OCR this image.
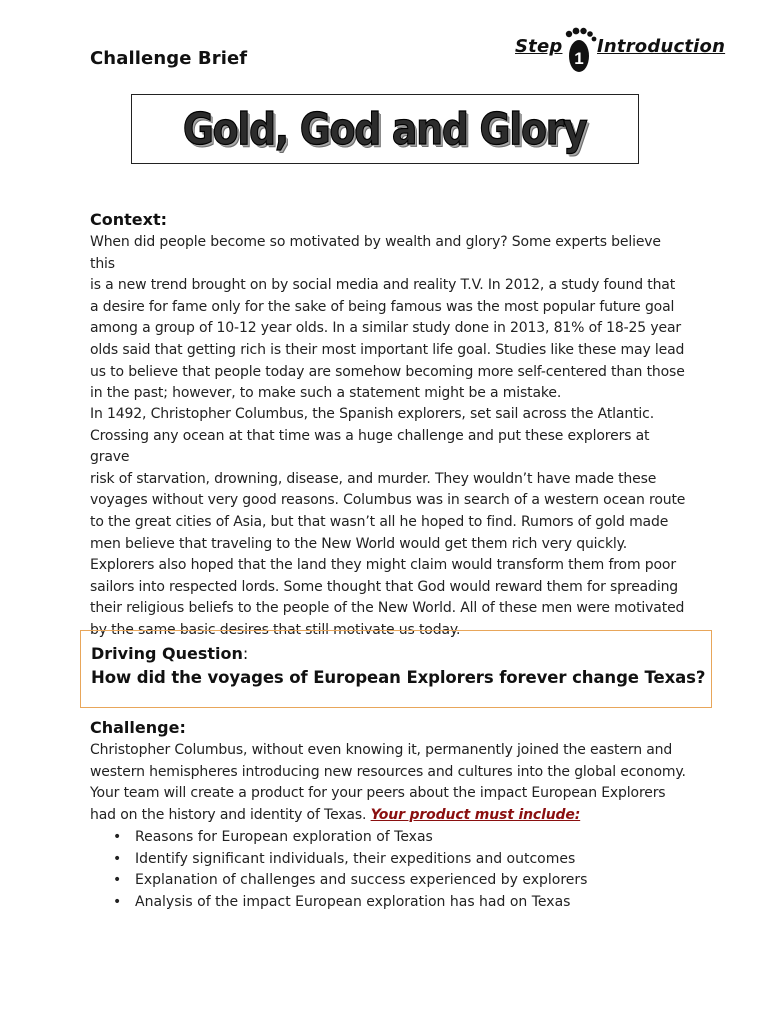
Challenge Brief
Step
1
Introduction
Gold, God and Glory
Context:
When did people become so motivated by wealth and glory? Some experts believe this
is a new trend brought on by social media and reality T.V. In 2012, a study found that
a desire for fame only for the sake of being famous was the most popular future goal
among a group of 10-12 year olds. In a similar study done in 2013, 81% of 18-25 year
olds said that getting rich is their most important life goal. Studies like these may lead
us to believe that people today are somehow becoming more self-centered than those
in the past; however, to make such a statement might be a mistake.
In 1492, Christopher Columbus, the Spanish explorers, set sail across the Atlantic.
Crossing any ocean at that time was a huge challenge and put these explorers at grave
risk of starvation, drowning, disease, and murder. They wouldn’t have made these
voyages without very good reasons. Columbus was in search of a western ocean route
to the great cities of Asia, but that wasn’t all he hoped to find. Rumors of gold made
men believe that traveling to the New World would get them rich very quickly.
Explorers also hoped that the land they might claim would transform them from poor
sailors into respected lords. Some thought that God would reward them for spreading
their religious beliefs to the people of the New World. All of these men were motivated
by the same basic desires that still motivate us today.
Driving Question:
How did the voyages of European Explorers forever change Texas?
Challenge:
Christopher Columbus, without even knowing it, permanently joined the eastern and
western hemispheres introducing new resources and cultures into the global economy.
Your team will create a product for your peers about the impact European Explorers
had on the history and identity of Texas. Your product must include:
• Reasons for European exploration of Texas
• Identify significant individuals, their expeditions and outcomes
• Explanation of challenges and success experienced by explorers
• Analysis of the impact European exploration has had on Texas
